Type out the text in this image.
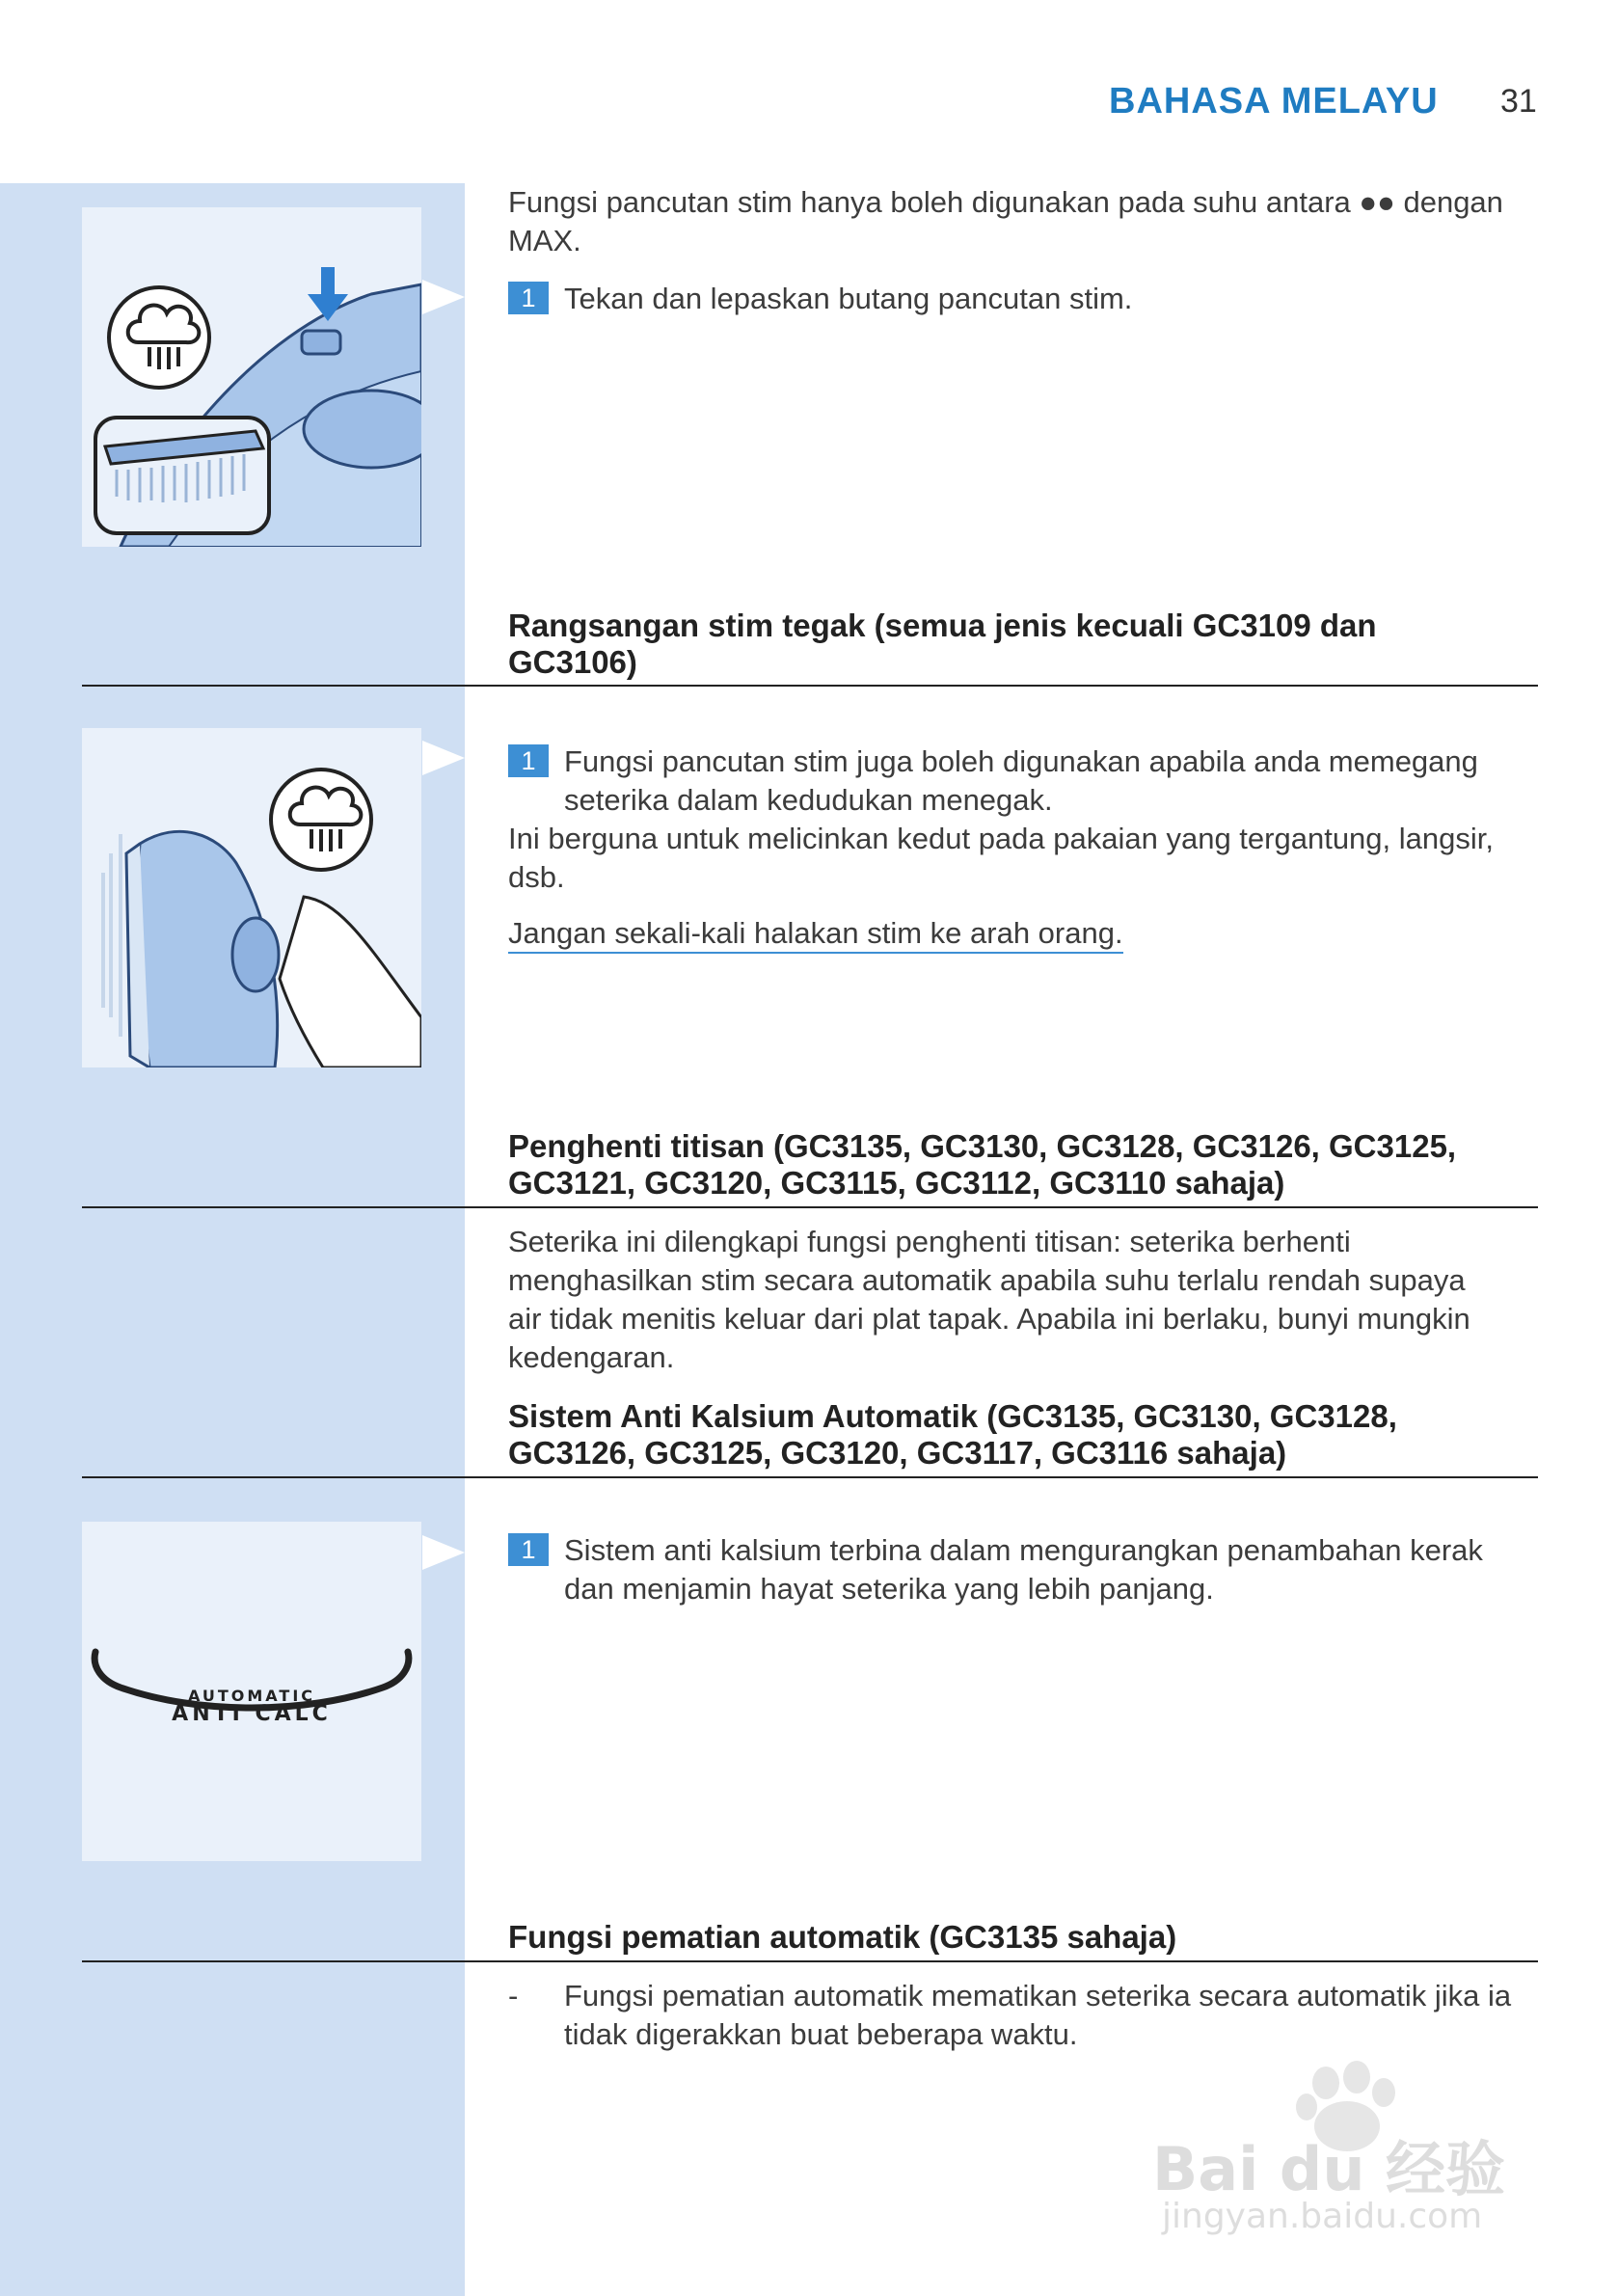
BAHASA MELAYU 31
Fungsi pancutan stim hanya boleh digunakan pada suhu antara ●● dengan
MAX.
1 Tekan dan lepaskan butang pancutan stim.
Rangsangan stim tegak (semua jenis kecuali GC3109 dan
GC3106)
1 Fungsi pancutan stim juga boleh digunakan apabila anda memegang
seterika dalam kedudukan menegak.
Ini berguna untuk melicinkan kedut pada pakaian yang tergantung, langsir,
dsb.
Jangan sekali-kali halakan stim ke arah orang.
Penghenti titisan (GC3135, GC3130, GC3128, GC3126, GC3125,
GC3121, GC3120, GC3115, GC3112, GC3110 sahaja)
Seterika ini dilengkapi fungsi penghenti titisan: seterika berhenti
menghasilkan stim secara automatik apabila suhu terlalu rendah supaya
air tidak menitis keluar dari plat tapak. Apabila ini berlaku, bunyi mungkin
kedengaran.
Sistem Anti Kalsium Automatik (GC3135, GC3130, GC3128,
GC3126, GC3125, GC3120, GC3117, GC3116 sahaja)
AUTOMATIC
ANTI CALC
1 Sistem anti kalsium terbina dalam mengurangkan penambahan kerak
dan menjamin hayat seterika yang lebih panjang.
Fungsi pematian automatik (GC3135 sahaja)
- Fungsi pematian automatik mematikan seterika secara automatik jika ia
tidak digerakkan buat beberapa waktu.
Bai du 经验
jingyan.baidu.com
